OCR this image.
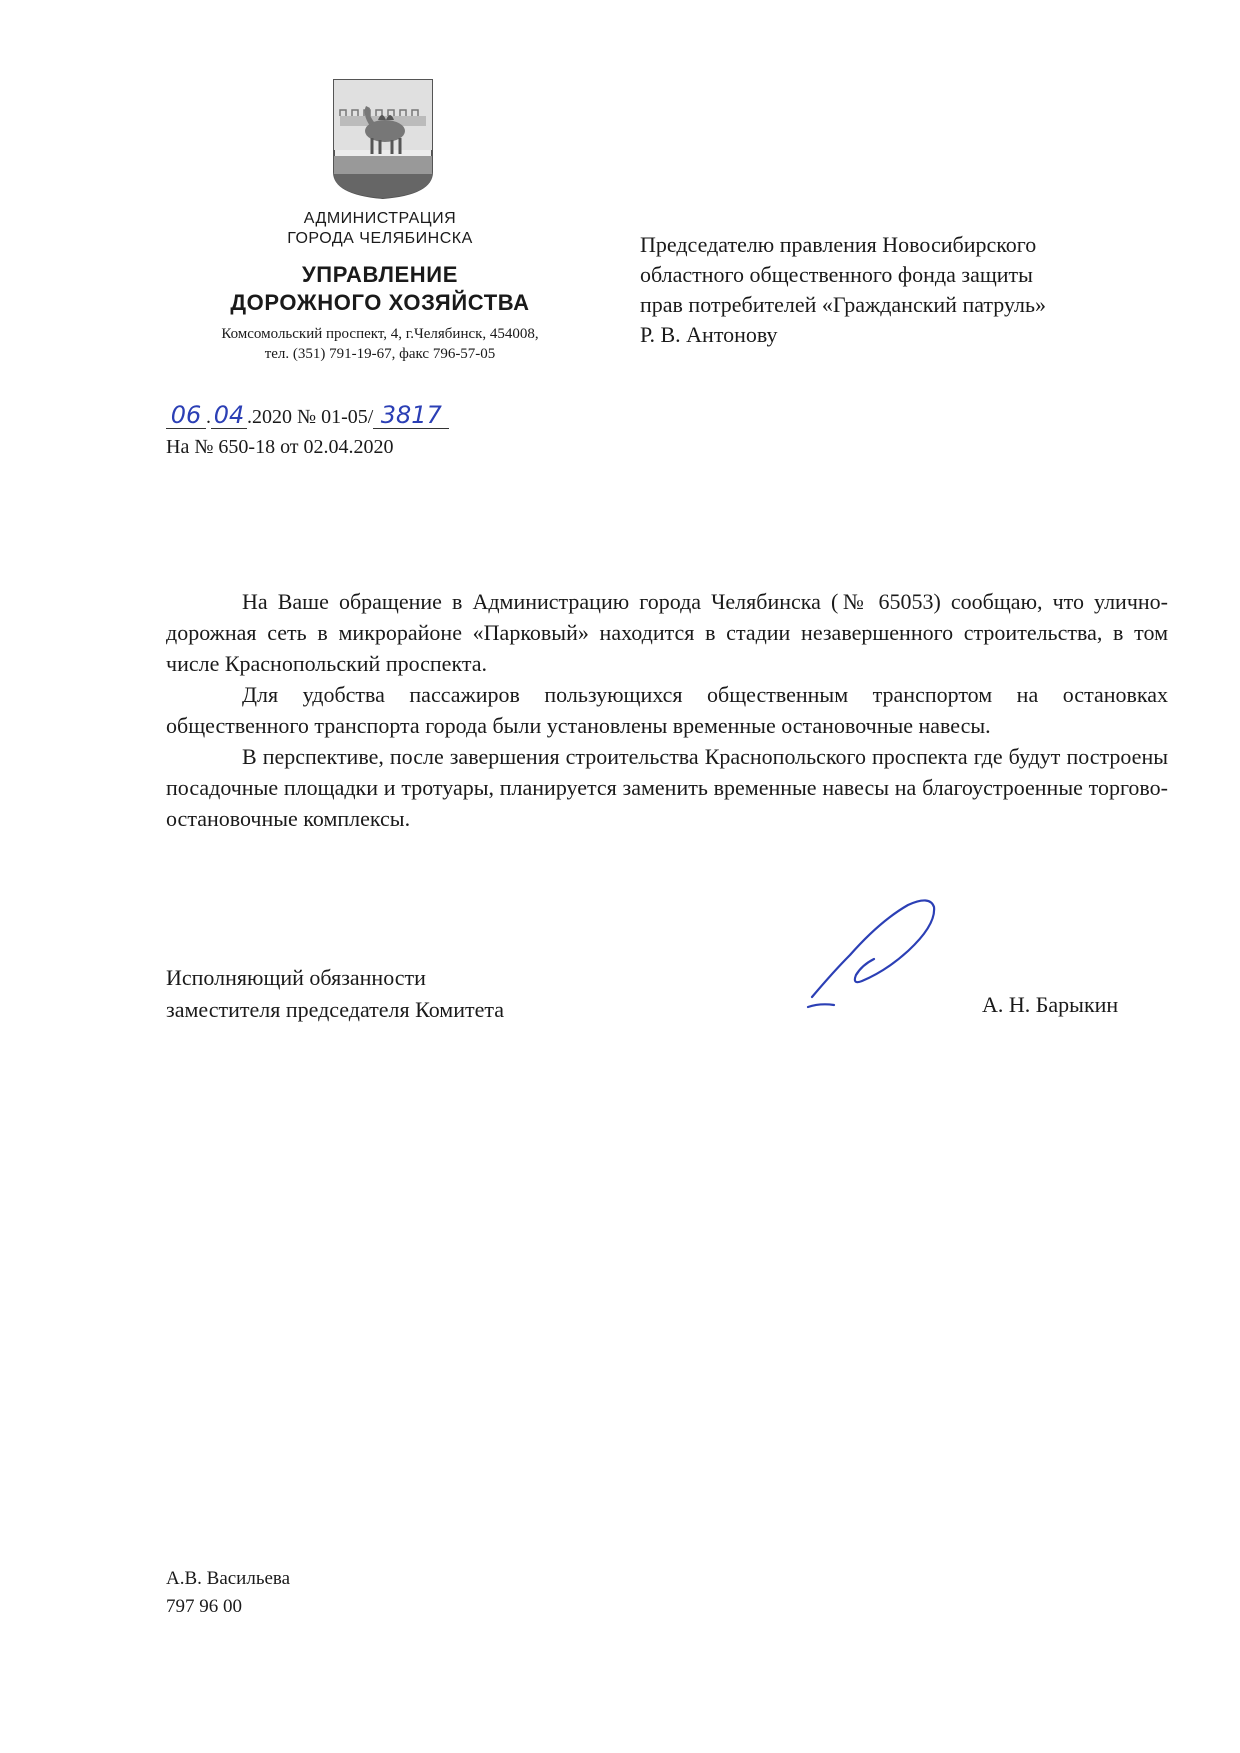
АДМИНИСТРАЦИЯ
ГОРОДА ЧЕЛЯБИНСКА
УПРАВЛЕНИЕ
ДОРОЖНОГО ХОЗЯЙСТВА
Комсомольский проспект, 4, г.Челябинск, 454008,
тел. (351) 791-19-67, факс 796-57-05
Председателю правления Новосибирского
областного общественного фонда защиты
прав потребителей «Гражданский патруль»
Р. В. Антонову
06 . 04 .2020 № 01-05/ 3817
На № 650-18 от 02.04.2020

На Ваше обращение в Администрацию города Челябинска (№ 65053) сообщаю, что улично-дорожная сеть в микрорайоне «Парковый» находится в стадии незавершенного строительства, в том числе Краснопольский проспекта.

Для удобства пассажиров пользующихся общественным транспортом на остановках общественного транспорта города были установлены временные остановочные навесы.

В перспективе, после завершения строительства Краснопольского проспекта где будут построены посадочные площадки и тротуары, планируется заменить временные навесы на благоустроенные торгово-остановочные комплексы.

Исполняющий обязанности
заместителя председателя Комитета	А. Н. Барыкин
А.В. Васильева
797 96 00
